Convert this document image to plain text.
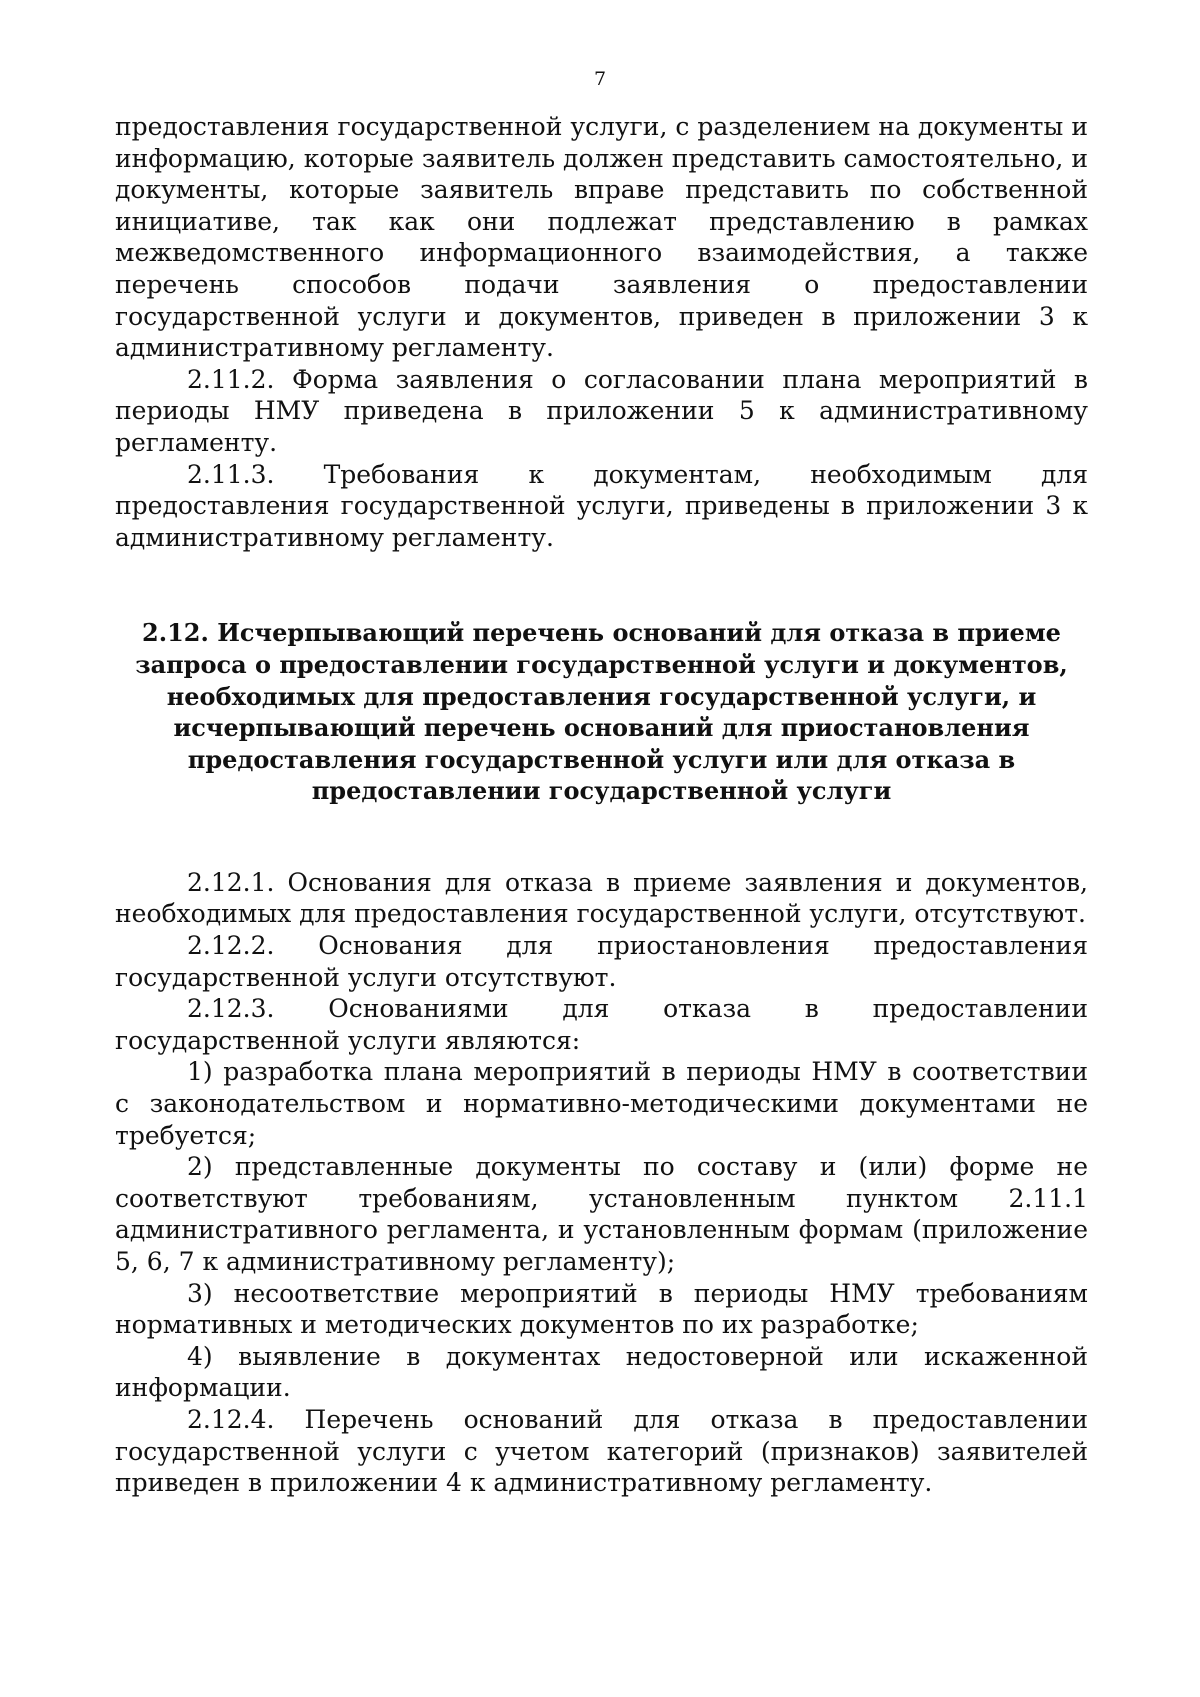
7

предоставления государственной услуги, с разделением на документы и информацию, которые заявитель должен представить самостоятельно, и документы, которые заявитель вправе представить по собственной инициативе, так как они подлежат представлению в рамках межведомственного информационного взаимодействия, а также перечень способов подачи заявления о предоставлении государственной услуги и документов, приведен в приложении 3 к административному регламенту.

2.11.2. Форма заявления о согласовании плана мероприятий в периоды НМУ приведена в приложении 5 к административному регламенту.

2.11.3. Требования к документам, необходимым для предоставления государственной услуги, приведены в приложении 3 к административному регламенту.

2.12. Исчерпывающий перечень оснований для отказа в приеме запроса о предоставлении государственной услуги и документов, необходимых для предоставления государственной услуги, и исчерпывающий перечень оснований для приостановления предоставления государственной услуги или для отказа в предоставлении государственной услуги

2.12.1. Основания для отказа в приеме заявления и документов, необходимых для предоставления государственной услуги, отсутствуют.

2.12.2. Основания для приостановления предоставления государственной услуги отсутствуют.

2.12.3. Основаниями для отказа в предоставлении государственной услуги являются:

1) разработка плана мероприятий в периоды НМУ в соответствии с законодательством и нормативно-методическими документами не требуется;

2) представленные документы по составу и (или) форме не соответствуют требованиям, установленным пунктом 2.11.1 административного регламента, и установленным формам (приложение 5, 6, 7 к административному регламенту);

3) несоответствие мероприятий в периоды НМУ требованиям нормативных и методических документов по их разработке;

4) выявление в документах недостоверной или искаженной информации.

2.12.4. Перечень оснований для отказа в предоставлении государственной услуги с учетом категорий (признаков) заявителей приведен в приложении 4 к административному регламенту.
